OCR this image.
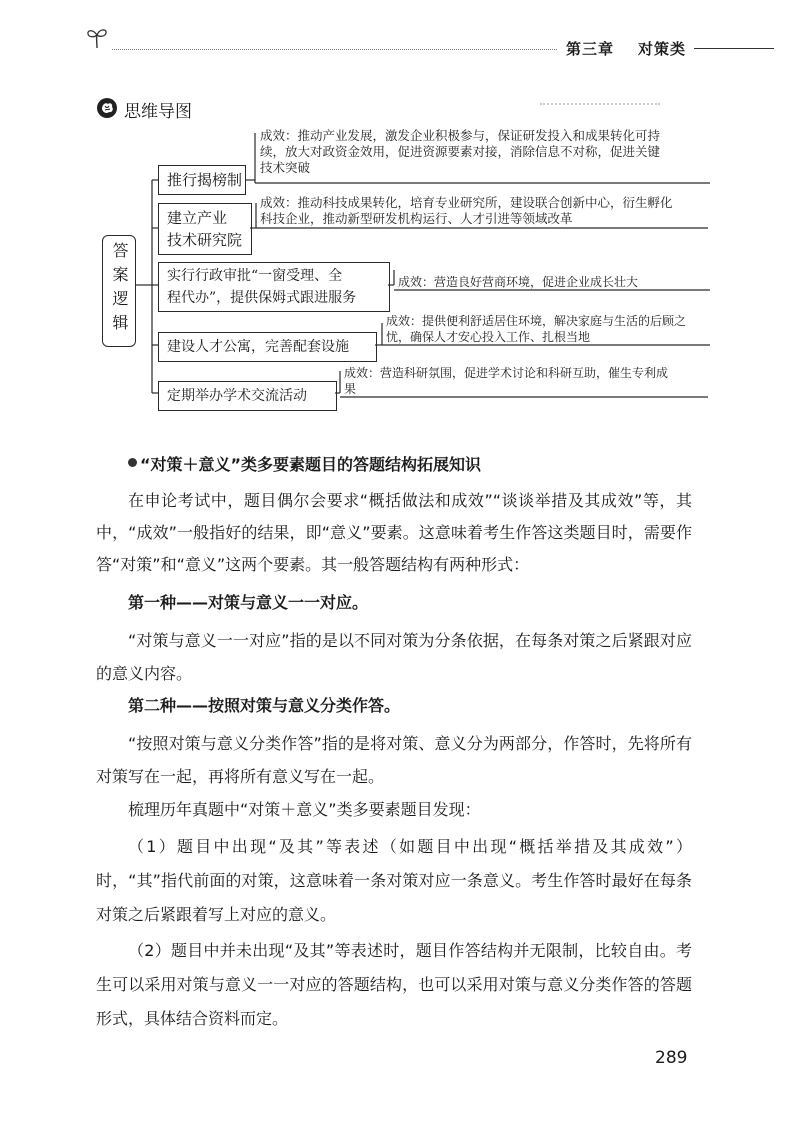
第三章 对策类
思维导图
答案逻辑
推行揭榜制
成效：推动产业发展，激发企业积极参与，保证研发投入和成果转化可持续，放大对政资金效用，促进资源要素对接，消除信息不对称，促进关键技术突破
建立产业
技术研究院
成效：推动科技成果转化，培育专业研究所，建设联合创新中心，衍生孵化科技企业，推动新型研发机构运行、人才引进等领域改革
实行行政审批“一窗受理、全
程代办”，提供保姆式跟进服务
成效：营造良好营商环境，促进企业成长壮大
建设人才公寓，完善配套设施
成效：提供便利舒适居住环境，解决家庭与生活的后顾之忧，确保人才安心投入工作、扎根当地
定期举办学术交流活动
成效：营造科研氛围，促进学术讨论和科研互助，催生专利成果
“对策＋意义”类多要素题目的答题结构拓展知识
在申论考试中，题目偶尔会要求“概括做法和成效”“谈谈举措及其成效”等，其中，“成效”一般指好的结果，即“意义”要素。这意味着考生作答这类题目时，需要作答“对策”和“意义”这两个要素。其一般答题结构有两种形式：
第一种——对策与意义一一对应。
“对策与意义一一对应”指的是以不同对策为分条依据，在每条对策之后紧跟对应的意义内容。
第二种——按照对策与意义分类作答。
“按照对策与意义分类作答”指的是将对策、意义分为两部分，作答时，先将所有对策写在一起，再将所有意义写在一起。
梳理历年真题中“对策＋意义”类多要素题目发现：
（1）题目中出现“及其”等表述（如题目中出现“概括举措及其成效”）时，“其”指代前面的对策，这意味着一条对策对应一条意义。考生作答时最好在每条对策之后紧跟着写上对应的意义。
（2）题目中并未出现“及其”等表述时，题目作答结构并无限制，比较自由。考生可以采用对策与意义一一对应的答题结构，也可以采用对策与意义分类作答的答题形式，具体结合资料而定。
289
